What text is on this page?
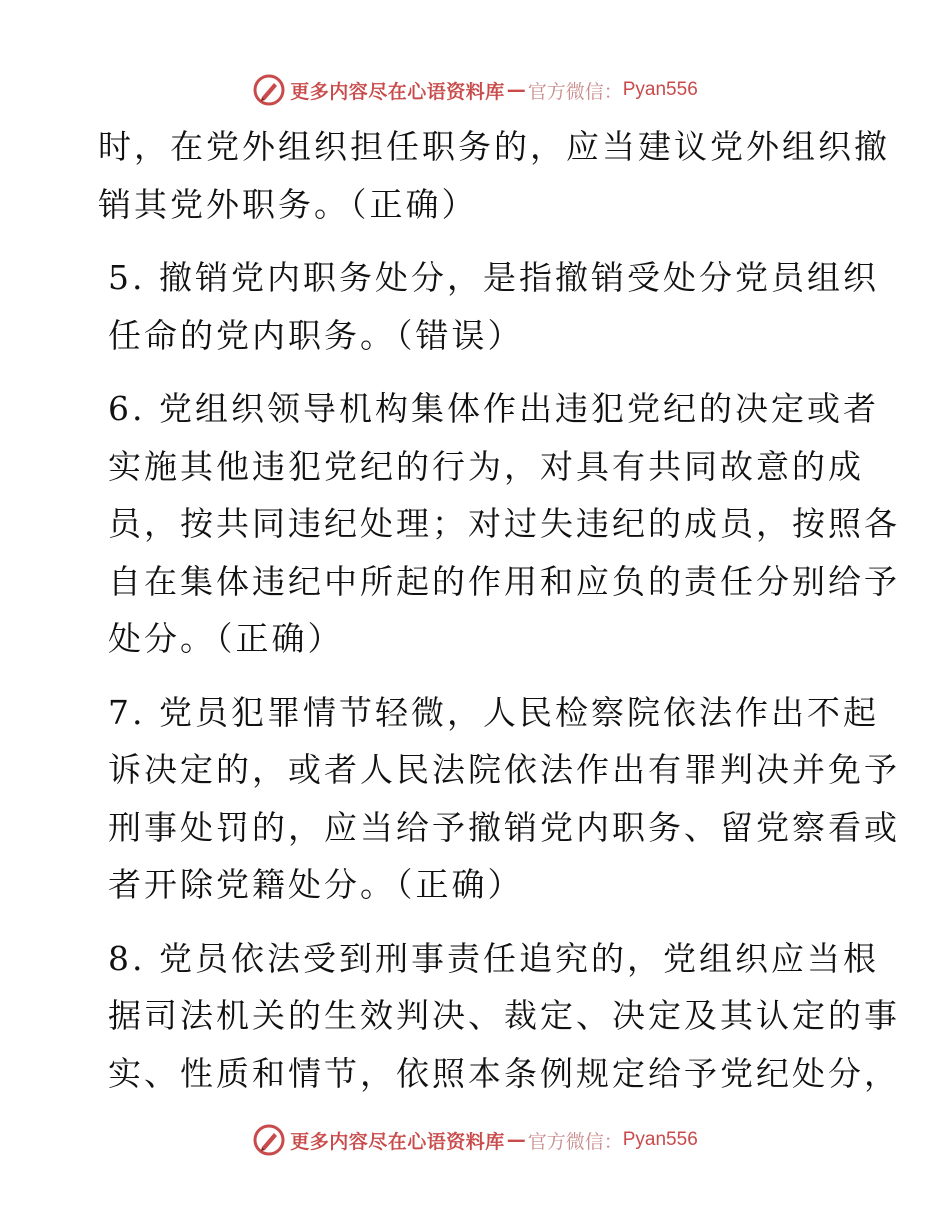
更多内容尽在心语资料库 — 官方微信： Pyan556

时，在党外组织担任职务的，应当建议党外组织撤
销其党外职务。（正确）

5. 撤销党内职务处分，是指撤销受处分党员组织
任命的党内职务。（错误）

6. 党组织领导机构集体作出违犯党纪的决定或者
实施其他违犯党纪的行为，对具有共同故意的成
员，按共同违纪处理；对过失违纪的成员，按照各
自在集体违纪中所起的作用和应负的责任分别给予
处分。（正确）

7. 党员犯罪情节轻微，人民检察院依法作出不起
诉决定的，或者人民法院依法作出有罪判决并免予
刑事处罚的，应当给予撤销党内职务、留党察看或
者开除党籍处分。（正确）

8. 党员依法受到刑事责任追究的，党组织应当根
据司法机关的生效判决、裁定、决定及其认定的事
实、性质和情节，依照本条例规定给予党纪处分，

更多内容尽在心语资料库 — 官方微信： Pyan556
